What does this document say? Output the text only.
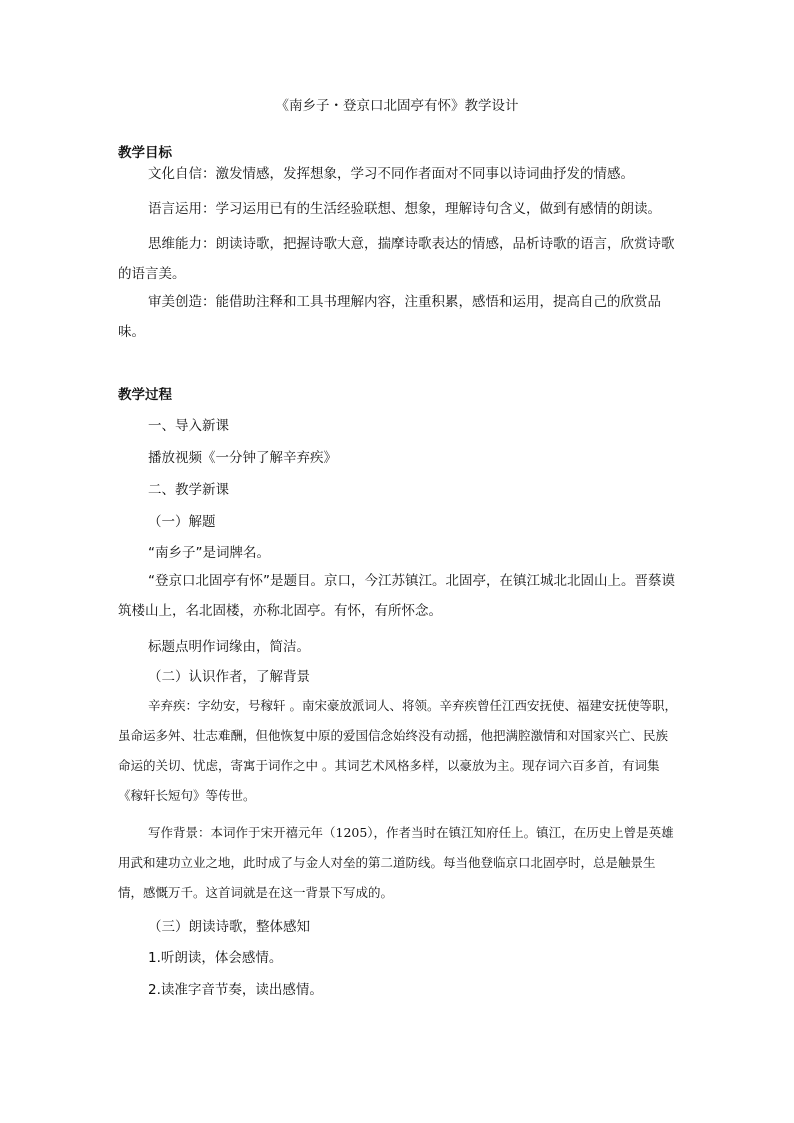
《南乡子・登京口北固亭有怀》教学设计
教学目标
文化自信：激发情感，发挥想象，学习不同作者面对不同事以诗词曲抒发的情感。
语言运用：学习运用已有的生活经验联想、想象，理解诗句含义，做到有感情的朗读。
思维能力：朗读诗歌，把握诗歌大意，揣摩诗歌表达的情感，品析诗歌的语言，欣赏诗歌的语言美。
审美创造：能借助注释和工具书理解内容，注重积累，感悟和运用，提高自己的欣赏品味。
教学过程
一、导入新课
播放视频《一分钟了解辛弃疾》
二、教学新课
（一）解题
“南乡子”是词牌名。
“登京口北固亭有怀”是题目。京口，今江苏镇江。北固亭，在镇江城北北固山上。晋蔡谟筑楼山上，名北固楼，亦称北固亭。有怀，有所怀念。
标题点明作词缘由，简洁。
（二）认识作者，了解背景
辛弃疾：字幼安，号稼轩 。南宋豪放派词人、将领。辛弃疾曾任江西安抚使、福建安抚使等职，虽命运多舛、壮志难酬，但他恢复中原的爱国信念始终没有动摇，他把满腔激情和对国家兴亡、民族命运的关切、忧虑，寄寓于词作之中 。其词艺术风格多样，以豪放为主。现存词六百多首，有词集《稼轩长短句》等传世。
写作背景：本词作于宋开禧元年（1205），作者当时在镇江知府任上。镇江，在历史上曾是英雄用武和建功立业之地，此时成了与金人对垒的第二道防线。每当他登临京口北固亭时，总是触景生情，感慨万千。这首词就是在这一背景下写成的。
（三）朗读诗歌，整体感知
1.听朗读，体会感情。
2.读准字音节奏，读出感情。
